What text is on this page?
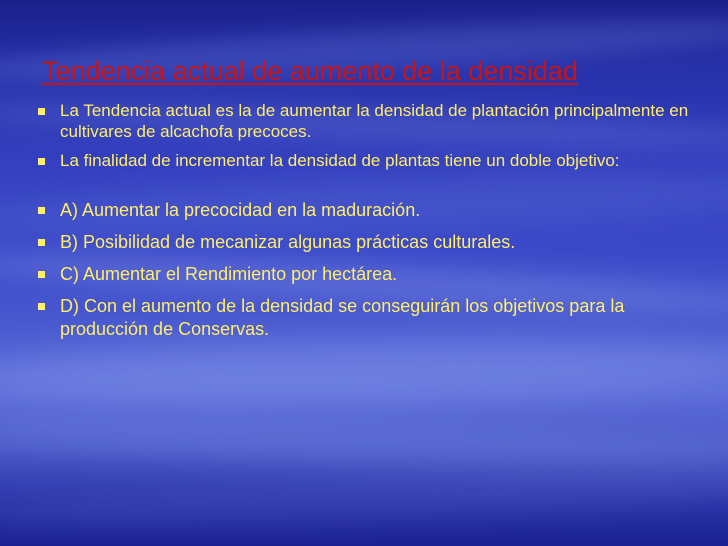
Tendencia actual de aumento de la densidad
La Tendencia actual es la de aumentar la densidad de plantación principalmente en cultivares de alcachofa precoces.
La finalidad de incrementar la densidad de plantas tiene un doble objetivo:
A) Aumentar la precocidad en la maduración.
B) Posibilidad de mecanizar algunas prácticas culturales.
C) Aumentar el Rendimiento por hectárea.
D) Con el aumento de la densidad se conseguirán los objetivos para la producción de Conservas.
